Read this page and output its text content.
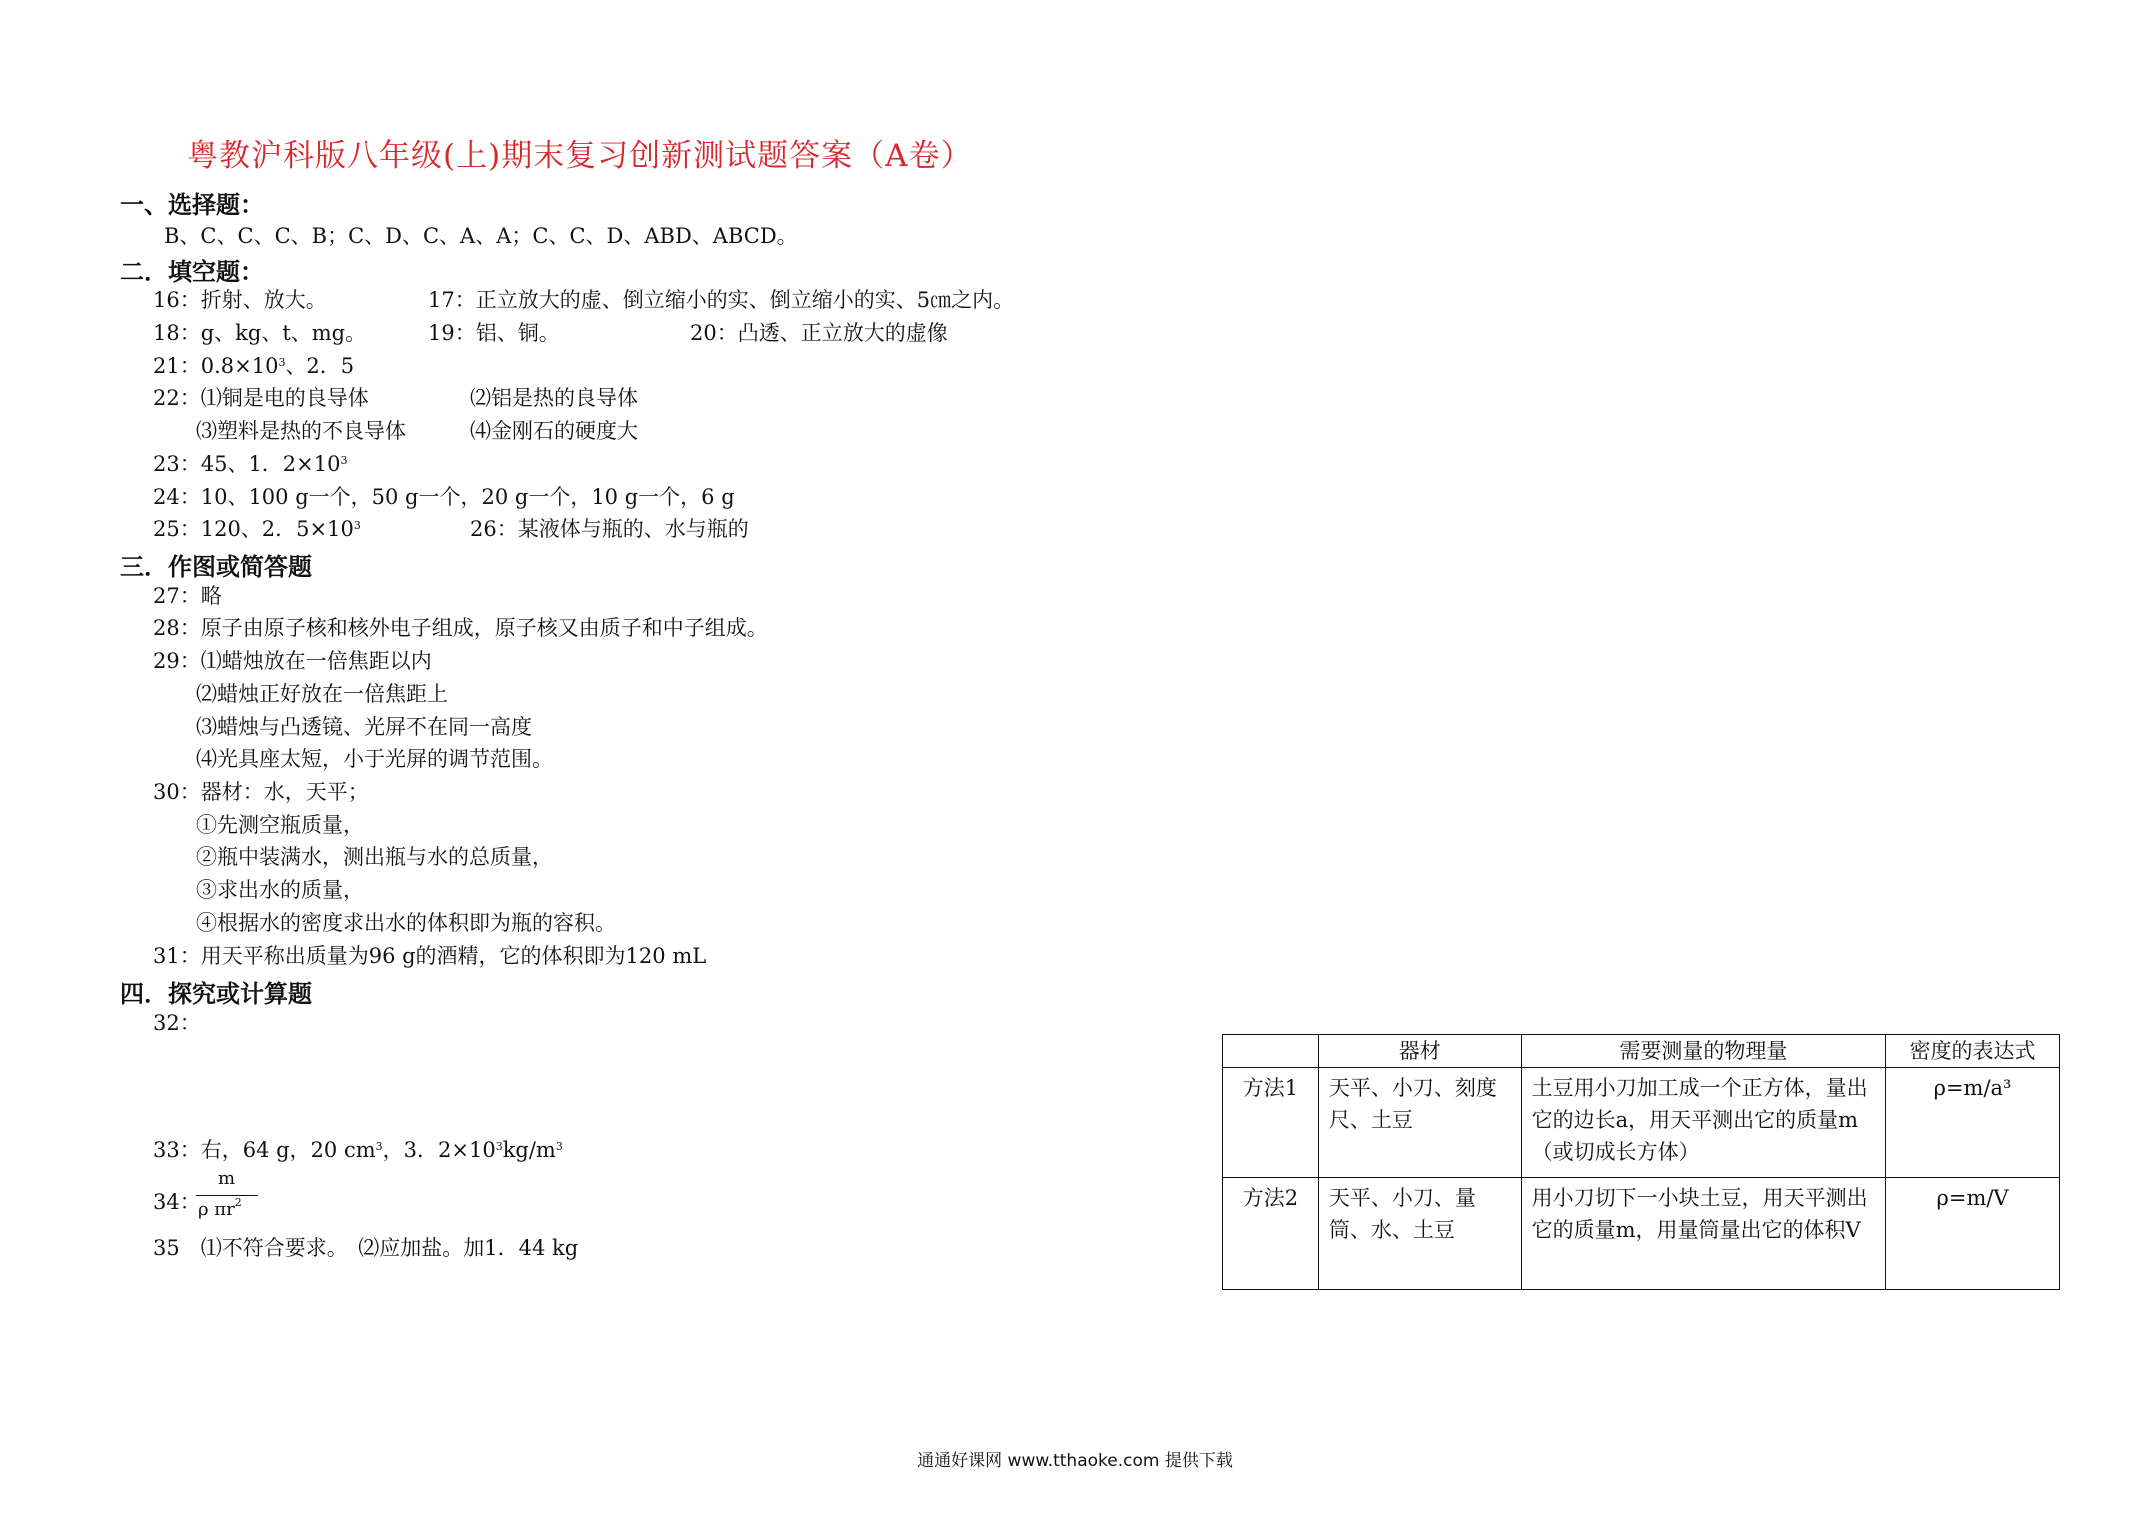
粤教沪科版八年级(上)期末复习创新测试题答案（A卷）
一、选择题：
B、C、C、C、B；C、D、C、A、A；C、C、D、ABD、ABCD。
二．填空题：
16：折射、放大。	17：正立放大的虚、倒立缩小的实、倒立缩小的实、5㎝之内。
18：g、kg、t、mg。	19：铝、铜。	20：凸透、正立放大的虚像
21：$0.8\times 10^3$、2．5
22：⑴铜是电的良导体	⑵铝是热的良导体
⑶塑料是热的不良导体	⑷金刚石的硬度大
23：45、1．$2\times 10^3$
24：10、100 g一个，50 g一个，20 g一个，10 g一个，6 g
25：120、2．$5\times 10^3$	26：某液体与瓶的、水与瓶的
三．作图或简答题
27：略
28：原子由原子核和核外电子组成，原子核又由质子和中子组成。
29：⑴蜡烛放在一倍焦距以内
⑵蜡烛正好放在一倍焦距上
⑶蜡烛与凸透镜、光屏不在同一高度
⑷光具座太短，小于光屏的调节范围。
30：器材：水，天平；
①先测空瓶质量，
②瓶中装满水，测出瓶与水的总质量，
③求出水的质量，
④根据水的密度求出水的体积即为瓶的容积。
31：用天平称出质量为96 g的酒精，它的体积即为120 mL
四．探究或计算题
32：
33：右，64 g，20 $cm^3$，3．$2\times 10^3kg/m^3$
34：
m
ρ $\pi r^2$
35　⑴不符合要求。　⑵应加盐。加1．44 kg
	器材	需要测量的物理量	密度的表达式
方法1	天平、小刀、刻度尺、土豆	土豆用小刀加工成一个正方体，量出它的边长a，用天平测出它的质量m（或切成长方体）	ρ=m/a³
方法2	天平、小刀、量筒、水、土豆	用小刀切下一小块土豆，用天平测出它的质量m，用量筒量出它的体积V	ρ=m/V
通通好课网 www.tthaoke.com 提供下载
